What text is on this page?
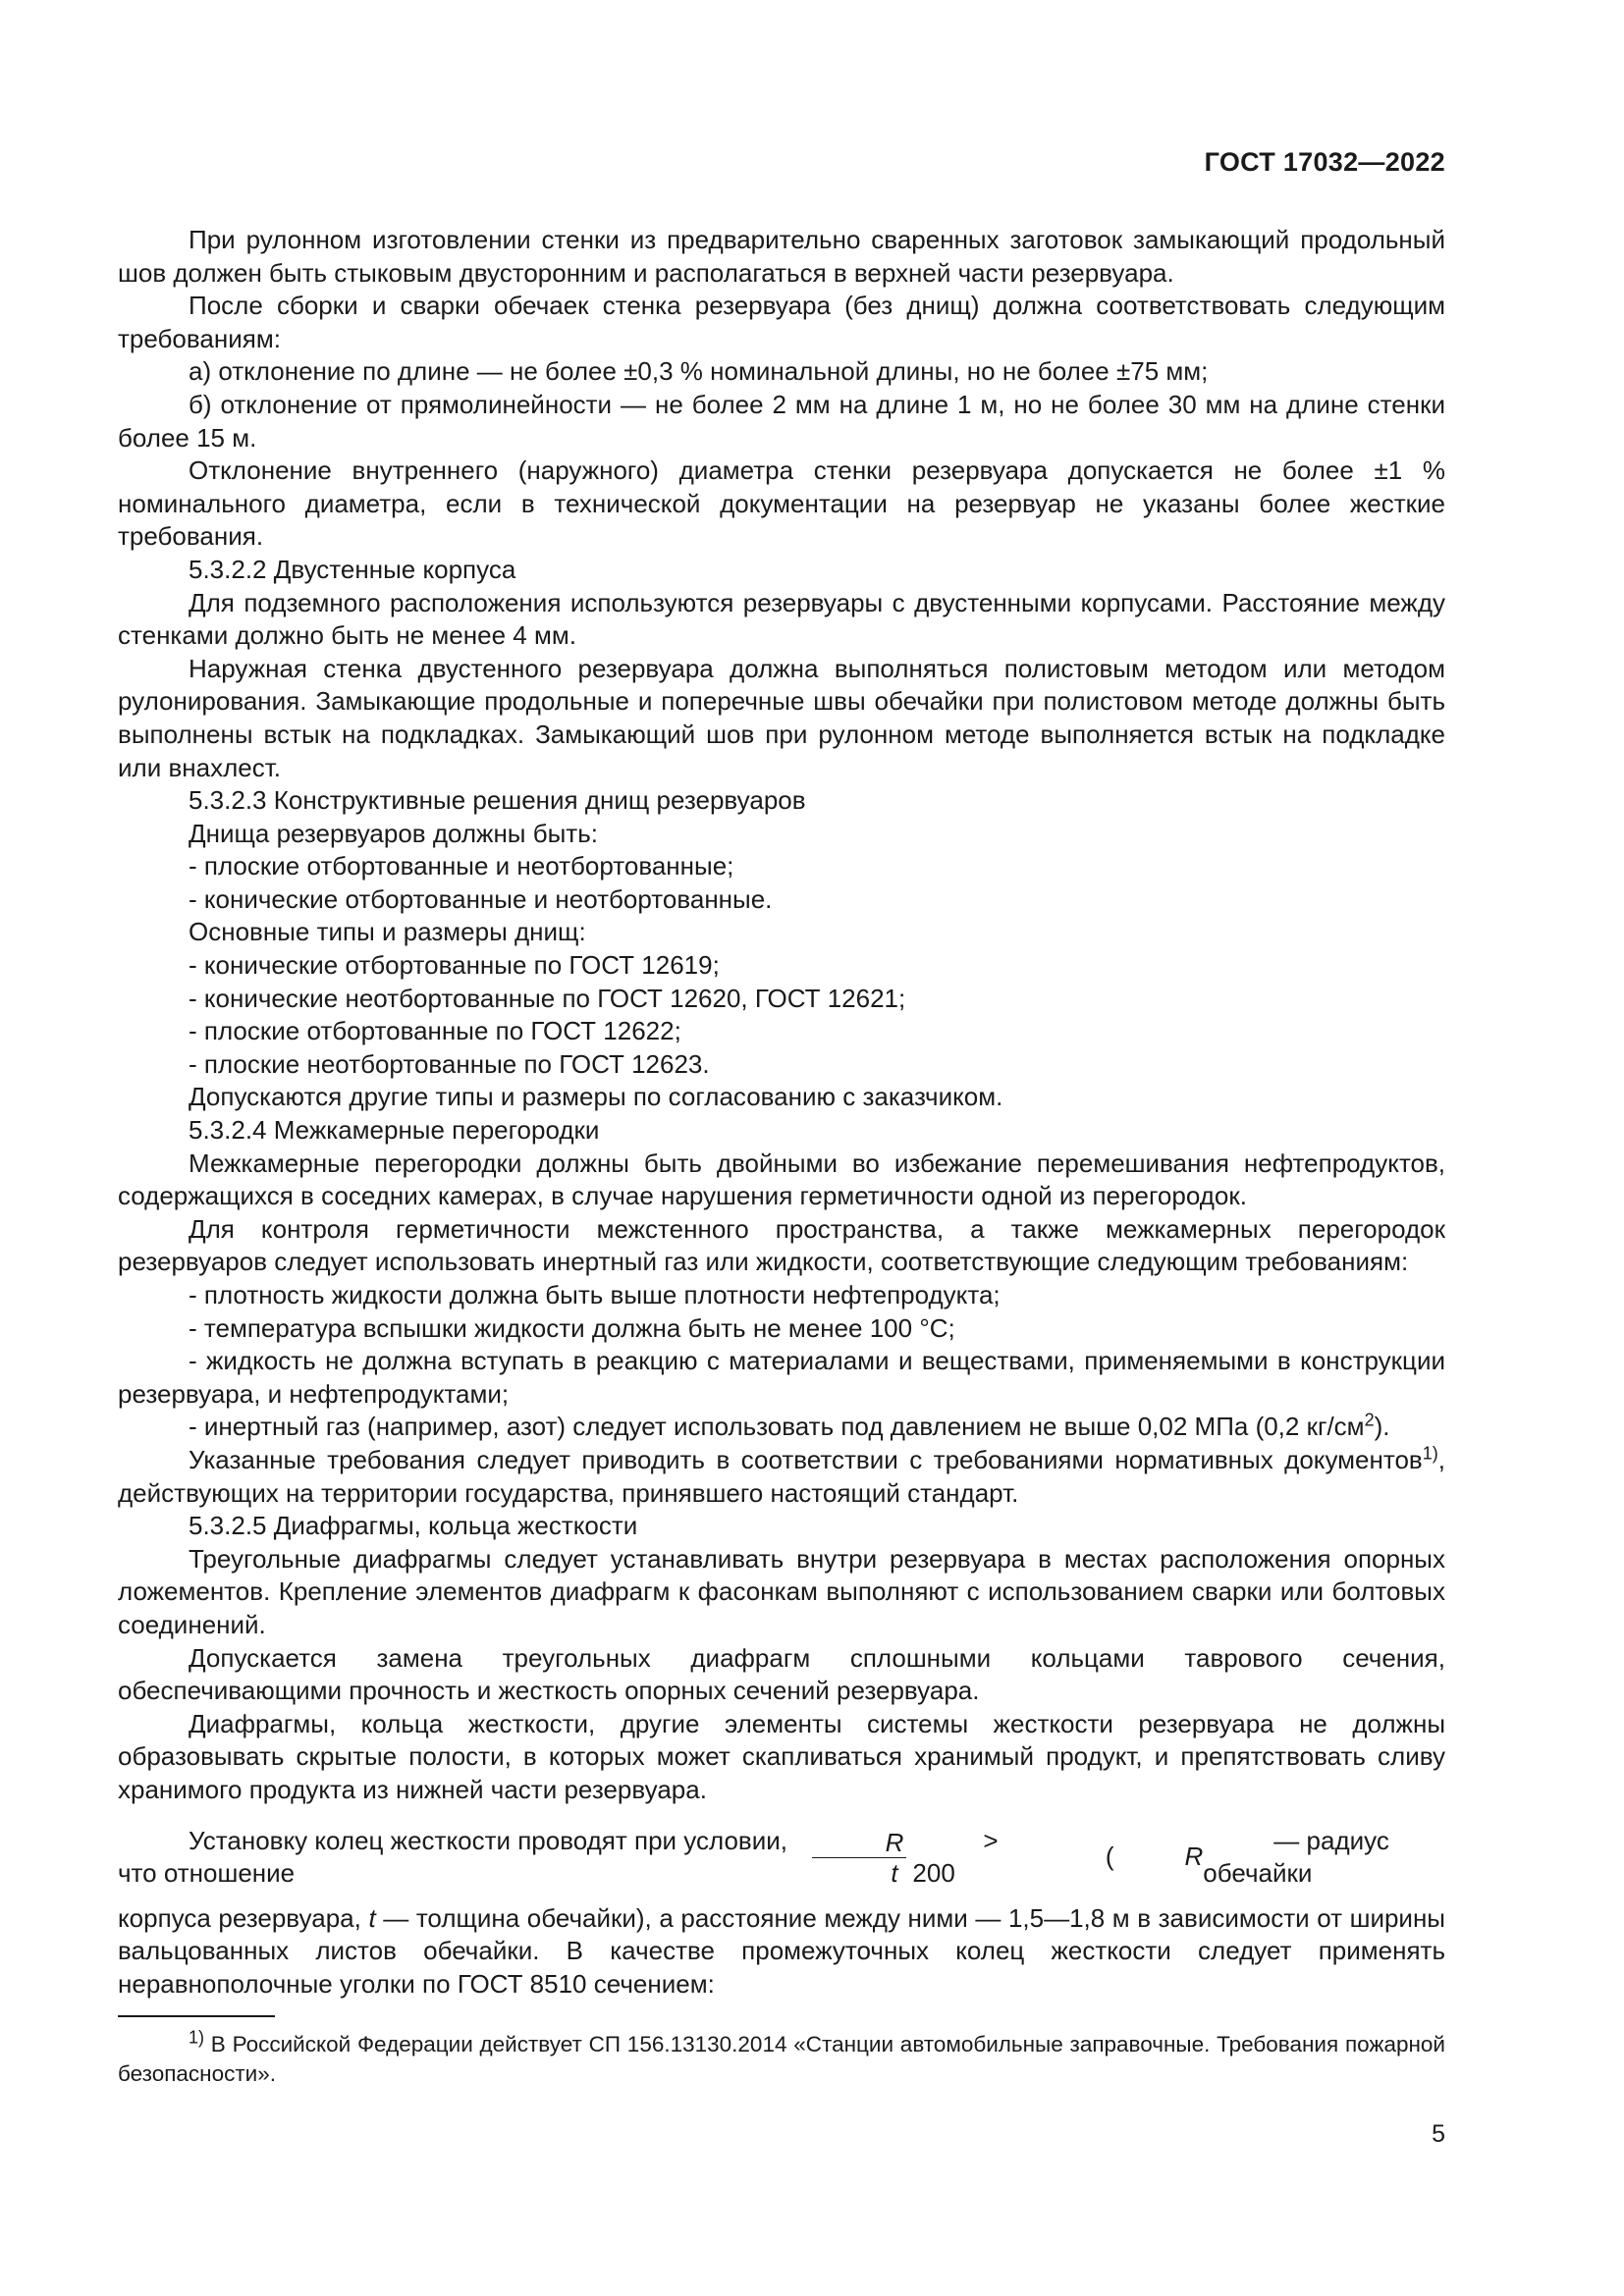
ГОСТ 17032—2022

При рулонном изготовлении стенки из предварительно сваренных заготовок замыкающий продольный шов должен быть стыковым двусторонним и располагаться в верхней части резервуара.

После сборки и сварки обечаек стенка резервуара (без днищ) должна соответствовать следующим требованиям:

а) отклонение по длине — не более ±0,3 % номинальной длины, но не более ±75 мм;

б) отклонение от прямолинейности — не более 2 мм на длине 1 м, но не более 30 мм на длине стенки более 15 м.

Отклонение внутреннего (наружного) диаметра стенки резервуара допускается не более ±1 % номинального диаметра, если в технической документации на резервуар не указаны более жесткие требования.

5.3.2.2 Двустенные корпуса

Для подземного расположения используются резервуары с двустенными корпусами. Расстояние между стенками должно быть не менее 4 мм.

Наружная стенка двустенного резервуара должна выполняться полистовым методом или методом рулонирования. Замыкающие продольные и поперечные швы обечайки при полистовом методе должны быть выполнены встык на подкладках. Замыкающий шов при рулонном методе выполняется встык на подкладке или внахлест.

5.3.2.3 Конструктивные решения днищ резервуаров

Днища резервуаров должны быть:

- плоские отбортованные и неотбортованные;

- конические отбортованные и неотбортованные.

Основные типы и размеры днищ:

- конические отбортованные по ГОСТ 12619;

- конические неотбортованные по ГОСТ 12620, ГОСТ 12621;

- плоские отбортованные по ГОСТ 12622;

- плоские неотбортованные по ГОСТ 12623.

Допускаются другие типы и размеры по согласованию с заказчиком.

5.3.2.4 Межкамерные перегородки

Межкамерные перегородки должны быть двойными во избежание перемешивания нефтепродуктов, содержащихся в соседних камерах, в случае нарушения герметичности одной из перегородок.

Для контроля герметичности межстенного пространства, а также межкамерных перегородок резервуаров следует использовать инертный газ или жидкости, соответствующие следующим требованиям:

- плотность жидкости должна быть выше плотности нефтепродукта;

- температура вспышки жидкости должна быть не менее 100 °С;

- жидкость не должна вступать в реакцию с материалами и веществами, применяемыми в конструкции резервуара, и нефтепродуктами;

- инертный газ (например, азот) следует использовать под давлением не выше 0,02 МПа (0,2 $кг/см^2$).

Указанные требования следует приводить в соответствии с требованиями нормативных документов$^{1)}$, действующих на территории государства, принявшего настоящий стандарт.

5.3.2.5 Диафрагмы, кольца жесткости

Треугольные диафрагмы следует устанавливать внутри резервуара в местах расположения опорных ложементов. Крепление элементов диафрагм к фасонкам выполняют с использованием сварки или болтовых соединений.

Допускается замена треугольных диафрагм сплошными кольцами таврового сечения, обеспечивающими прочность и жесткость опорных сечений резервуара.

Диафрагмы, кольца жесткости, другие элементы системы жесткости резервуара не должны образовывать скрытые полости, в которых может скапливаться хранимый продукт, и препятствовать сливу хранимого продукта из нижней части резервуара.

Установку колец жесткости проводят при условии, что отношение	$\frac{R}{t}$	> 200
(	R
— радиус обечайки

корпуса резервуара, t — толщина обечайки), а расстояние между ними — 1,5—1,8 м в зависимости от ширины вальцованных листов обечайки. В качестве промежуточных колец жесткости следует применять неравнополочные уголки по ГОСТ 8510 сечением:

$^{1)}$ В Российской Федерации действует СП 156.13130.2014 «Станции автомобильные заправочные. Требования пожарной безопасности».

5
